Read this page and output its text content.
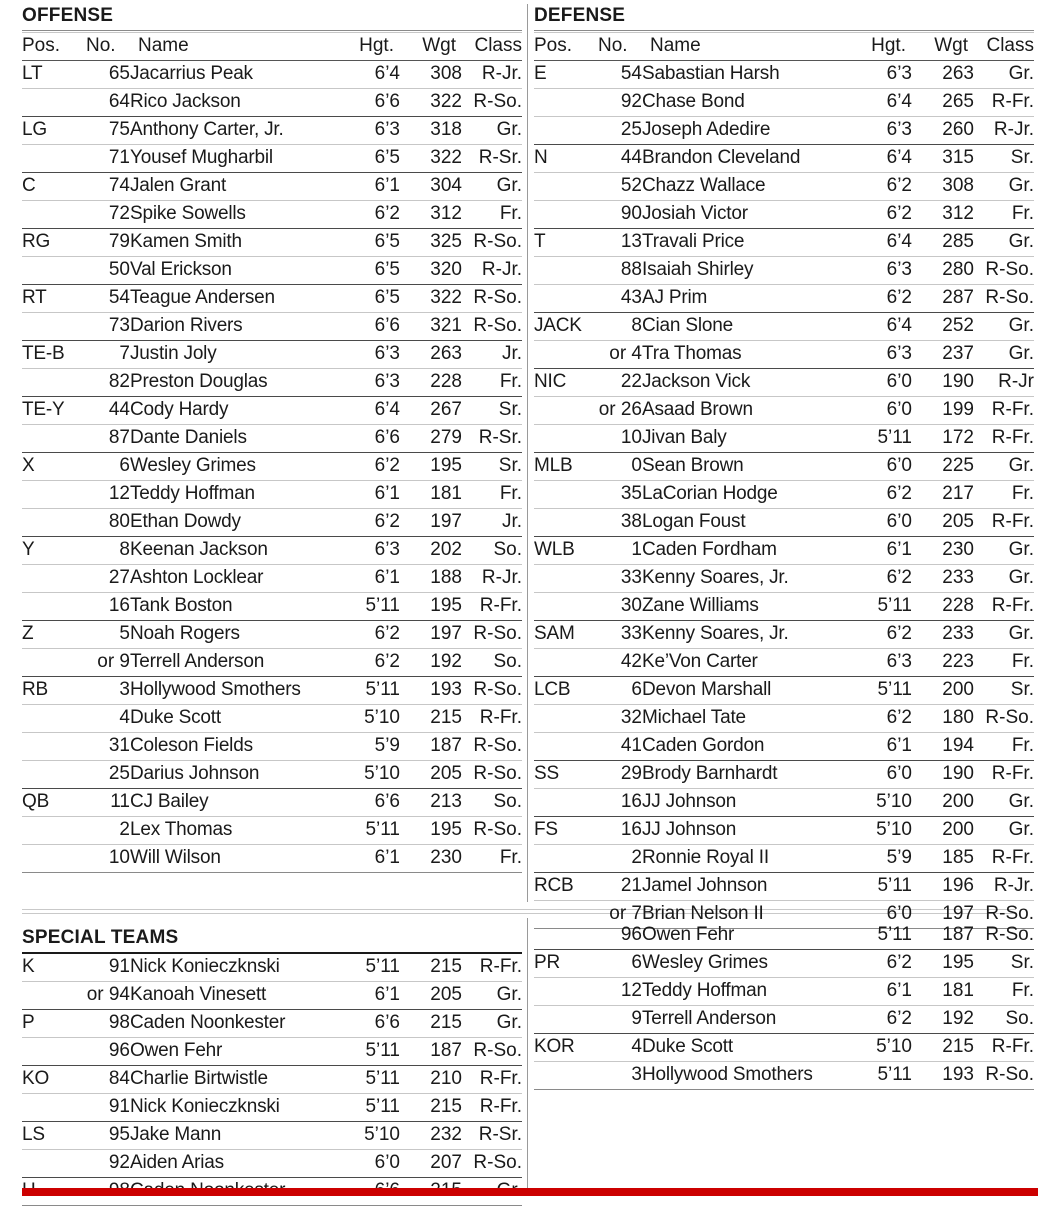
OFFENSE

Pos.	No.	Name	Hgt.	Wgt	Class
LT	65	Jacarrius Peak	6’4	308	R-Jr.
	64	Rico Jackson	6’6	322	R-So.
LG	75	Anthony Carter, Jr.	6’3	318	Gr.
	71	Yousef Mugharbil	6’5	322	R-Sr.
C	74	Jalen Grant	6’1	304	Gr.
	72	Spike Sowells	6’2	312	Fr.
RG	79	Kamen Smith	6’5	325	R-So.
	50	Val Erickson	6’5	320	R-Jr.
RT	54	Teague Andersen	6’5	322	R-So.
	73	Darion Rivers	6’6	321	R-So.
TE-B	7	Justin Joly	6’3	263	Jr.
	82	Preston Douglas	6’3	228	Fr.
TE-Y	44	Cody Hardy	6’4	267	Sr.
	87	Dante Daniels	6’6	279	R-Sr.
X	6	Wesley Grimes	6’2	195	Sr.
	12	Teddy Hoffman	6’1	181	Fr.
	80	Ethan Dowdy	6’2	197	Jr.
Y	8	Keenan Jackson	6’3	202	So.
	27	Ashton Locklear	6’1	188	R-Jr.
	16	Tank Boston	5’11	195	R-Fr.
Z	5	Noah Rogers	6’2	197	R-So.
	or 9	Terrell Anderson	6’2	192	So.
RB	3	Hollywood Smothers	5’11	193	R-So.
	4	Duke Scott	5’10	215	R-Fr.
	31	Coleson Fields	5’9	187	R-So.
	25	Darius Johnson	5’10	205	R-So.
QB	11	CJ Bailey	6’6	213	So.
	2	Lex Thomas	5’11	195	R-So.
	10	Will Wilson	6’1	230	Fr.

DEFENSE

Pos.	No.	Name	Hgt.	Wgt	Class
E	54	Sabastian Harsh	6’3	263	Gr.
	92	Chase Bond	6’4	265	R-Fr.
	25	Joseph Adedire	6’3	260	R-Jr.
N	44	Brandon Cleveland	6’4	315	Sr.
	52	Chazz Wallace	6’2	308	Gr.
	90	Josiah Victor	6’2	312	Fr.
T	13	Travali Price	6’4	285	Gr.
	88	Isaiah Shirley	6’3	280	R-So.
	43	AJ Prim	6’2	287	R-So.
JACK	8	Cian Slone	6’4	252	Gr.
	or 4	Tra Thomas	6’3	237	Gr.
NIC	22	Jackson Vick	6’0	190	R-Jr
	or 26	Asaad Brown	6’0	199	R-Fr.
	10	Jivan Baly	5’11	172	R-Fr.
MLB	0	Sean Brown	6’0	225	Gr.
	35	LaCorian Hodge	6’2	217	Fr.
	38	Logan Foust	6’0	205	R-Fr.
WLB	1	Caden Fordham	6’1	230	Gr.
	33	Kenny Soares, Jr.	6’2	233	Gr.
	30	Zane Williams	5’11	228	R-Fr.
SAM	33	Kenny Soares, Jr.	6’2	233	Gr.
	42	Ke’Von Carter	6’3	223	Fr.
LCB	6	Devon Marshall	5’11	200	Sr.
	32	Michael Tate	6’2	180	R-So.
	41	Caden Gordon	6’1	194	Fr.
SS	29	Brody Barnhardt	6’0	190	R-Fr.
	16	JJ Johnson	5’10	200	Gr.
FS	16	JJ Johnson	5’10	200	Gr.
	2	Ronnie Royal II	5’9	185	R-Fr.
RCB	21	Jamel Johnson	5’11	196	R-Jr.
	or 7	Brian Nelson II	6’0	197	R-So.

SPECIAL TEAMS
K	91	Nick Konieczknski	5’11	215	R-Fr.
	or 94	Kanoah Vinesett	6’1	205	Gr.
P	98	Caden Noonkester	6’6	215	Gr.
	96	Owen Fehr	5’11	187	R-So.
KO	84	Charlie Birtwistle	5’11	210	R-Fr.
	91	Nick Konieczknski	5’11	215	R-Fr.
LS	95	Jake Mann	5’10	232	R-Sr.
	92	Aiden Arias	6’0	207	R-So.

	96	Owen Fehr	5’11	187	R-So.
PR	6	Wesley Grimes	6’2	195	Sr.
	12	Teddy Hoffman	6’1	181	Fr.
	9	Terrell Anderson	6’2	192	So.
KOR	4	Duke Scott	5’10	215	R-Fr.
	3	Hollywood Smothers	5’11	193	R-So.
